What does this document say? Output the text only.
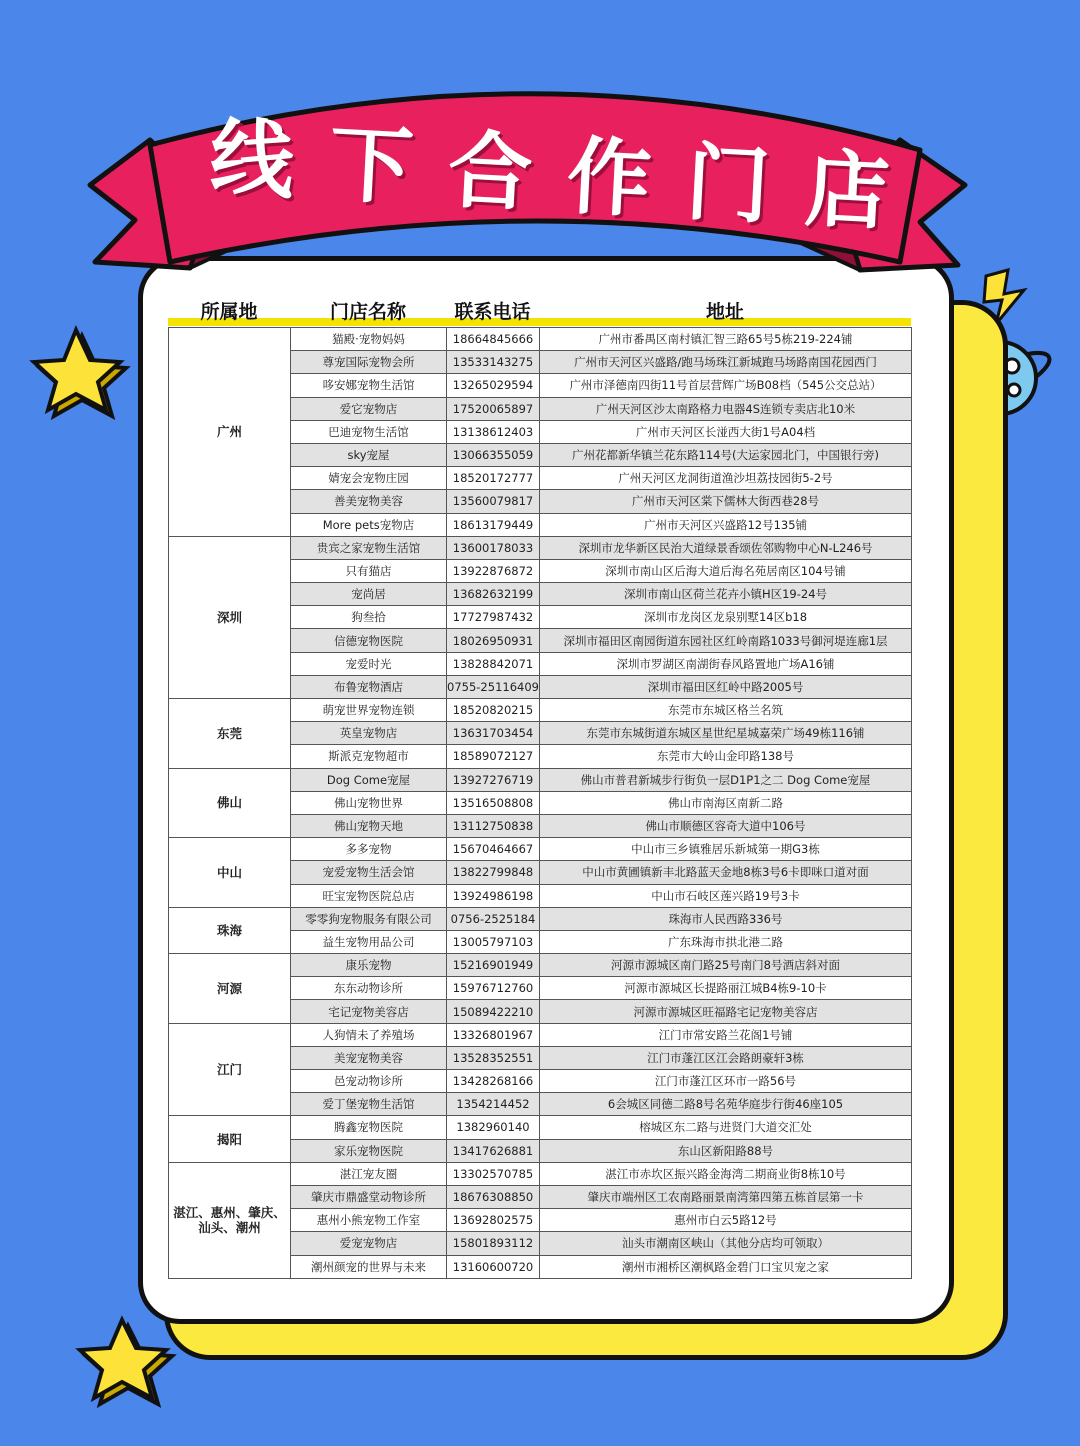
线 下 合 作 门 店
所属地	门店名称	联系电话	地址
广州	猫殿·宠物妈妈	18664845666	广州市番禺区南村镇汇智三路65号5栋219-224铺
	尊宠国际宠物会所	13533143275	广州市天河区兴盛路/跑马场珠江新城跑马场路南国花园西门
	哆安娜宠物生活馆	13265029594	广州市泽德南四街11号首层营辉广场B08档（545公交总站）
	爱它宠物店	17520065897	广州天河区沙太南路格力电器4S连锁专卖店北10米
	巴迪宠物生活馆	13138612403	广州市天河区长湴西大街1号A04档
	sky宠屋	13066355059	广州花都新华镇兰花东路114号(大运家园北门，中国银行旁)
	婧宠会宠物庄园	18520172777	广州天河区龙洞街道渔沙坦荔技园街5-2号
	善美宠物美容	13560079817	广州市天河区棠下儒林大街西巷28号
	More pets宠物店	18613179449	广州市天河区兴盛路12号135铺
深圳	贵宾之家宠物生活馆	13600178033	深圳市龙华新区民治大道绿景香颂佐邻购物中心N-L246号
	只有猫店	13922876872	深圳市南山区后海大道后海名苑居南区104号铺
	宠尚居	13682632199	深圳市南山区荷兰花卉小镇H区19-24号
	狗叁拾	17727987432	深圳市龙岗区龙泉别墅14区b18
	信德宠物医院	18026950931	深圳市福田区南园街道东园社区红岭南路1033号御河堤连廊1层
	宠爱时光	13828842071	深圳市罗湖区南湖街春风路置地广场A16铺
	布鲁宠物酒店	0755-25116409	深圳市福田区红岭中路2005号
东莞	萌宠世界宠物连锁	18520820215	东莞市东城区格兰名筑
	英皇宠物店	13631703454	东莞市东城街道东城区星世纪星城嘉荣广场49栋116铺
	斯派克宠物超市	18589072127	东莞市大岭山金印路138号
佛山	Dog Come宠屋	13927276719	佛山市普君新城步行街负一层D1P1之二 Dog Come宠屋
	佛山宠物世界	13516508808	佛山市南海区南新二路
	佛山宠物天地	13112750838	佛山市顺德区容奇大道中106号
中山	多多宠物	15670464667	中山市三乡镇雅居乐新城第一期G3栋
	宠爱宠物生活会馆	13822799848	中山市黄圃镇新丰北路蓝天金地8栋3号6卡即咪口道对面
	旺宝宠物医院总店	13924986198	中山市石岐区莲兴路19号3卡
珠海	零零狗宠物服务有限公司	0756-2525184	珠海市人民西路336号
	益生宠物用品公司	13005797103	广东珠海市拱北港二路
河源	康乐宠物	15216901949	河源市源城区南门路25号南门8号酒店斜对面
	东东动物诊所	15976712760	河源市源城区长提路丽江城B4栋9-10卡
	宅记宠物美容店	15089422210	河源市源城区旺福路宅记宠物美容店
江门	人狗情未了养殖场	13326801967	江门市常安路兰花阁1号铺
	美宠宠物美容	13528352551	江门市蓬江区江会路朗豪轩3栋
	邑宠动物诊所	13428268166	江门市蓬江区环市一路56号
	爱丁堡宠物生活馆	1354214452	6会城区同德二路8号名苑华庭步行街46座105
揭阳	腾鑫宠物医院	1382960140	榕城区东二路与进贤门大道交汇处
	家乐宠物医院	13417626881	东山区新阳路88号
湛江、惠州、肇庆、汕头、潮州	湛江宠友圈	13302570785	湛江市赤坎区振兴路金海湾二期商业街8栋10号
	肇庆市鼎盛堂动物诊所	18676308850	肇庆市端州区工农南路丽景南湾第四第五栋首层第一卡
	惠州小熊宠物工作室	13692802575	惠州市白云5路12号
	爱宠宠物店	15801893112	汕头市潮南区峡山（其他分店均可领取）
	潮州颜宠的世界与未来	13160600720	潮州市湘桥区潮枫路金碧门口宝贝宠之家
